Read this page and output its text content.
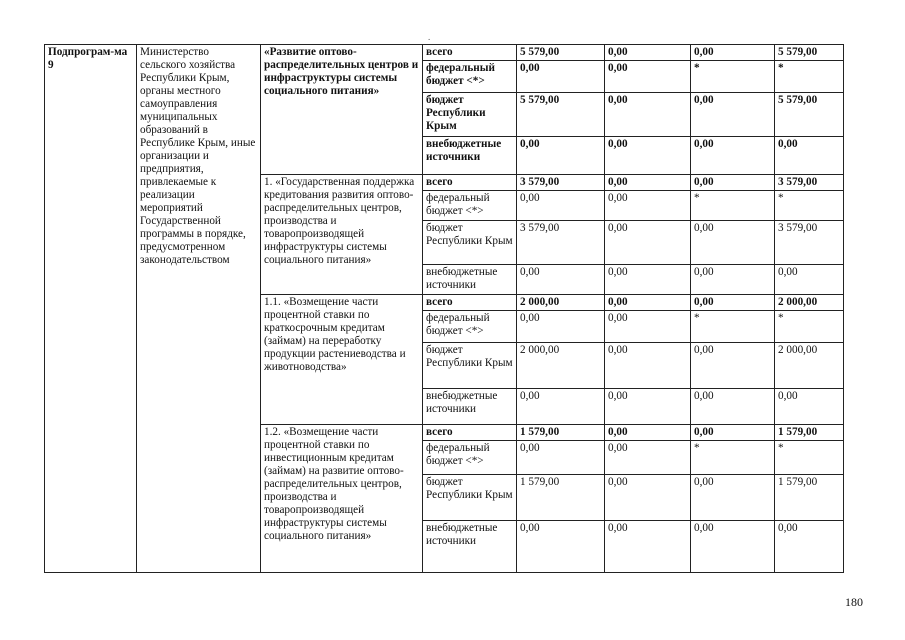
.
Подпрограм-ма 9	Министерство сельского хозяйства Республики Крым, органы местного самоуправления муниципальных образований в Республике Крым, иные организации и предприятия, привлекаемые к реализации мероприятий Государственной программы в порядке, предусмотренном законодательством	«Развитие оптово-распределительных центров и инфраструктуры системы социального питания»	всего	5 579,00	0,00	0,00	5 579,00
			федеральный бюджет <*>	0,00	0,00	*	*
			бюджет Республики Крым	5 579,00	0,00	0,00	5 579,00
			внебюджетные источники	0,00	0,00	0,00	0,00
		1. «Государственная поддержка кредитования развития оптово-распределительных центров, производства и товаропроизводящей инфраструктуры системы социального питания»	всего	3 579,00	0,00	0,00	3 579,00
			федеральный бюджет <*>	0,00	0,00	*	*
			бюджет Республики Крым	3 579,00	0,00	0,00	3 579,00
			внебюджетные источники	0,00	0,00	0,00	0,00
		1.1. «Возмещение части процентной ставки по краткосрочным кредитам (займам) на переработку продукции растениеводства и животноводства»	всего	2 000,00	0,00	0,00	2 000,00
			федеральный бюджет <*>	0,00	0,00	*	*
			бюджет Республики Крым	2 000,00	0,00	0,00	2 000,00
			внебюджетные источники	0,00	0,00	0,00	0,00
		1.2. «Возмещение части процентной ставки по инвестиционным кредитам (займам) на развитие оптово-распределительных центров, производства и товаропроизводящей инфраструктуры системы социального питания»	всего	1 579,00	0,00	0,00	1 579,00
			федеральный бюджет <*>	0,00	0,00	*	*
			бюджет Республики Крым	1 579,00	0,00	0,00	1 579,00
			внебюджетные источники	0,00	0,00	0,00	0,00
180
